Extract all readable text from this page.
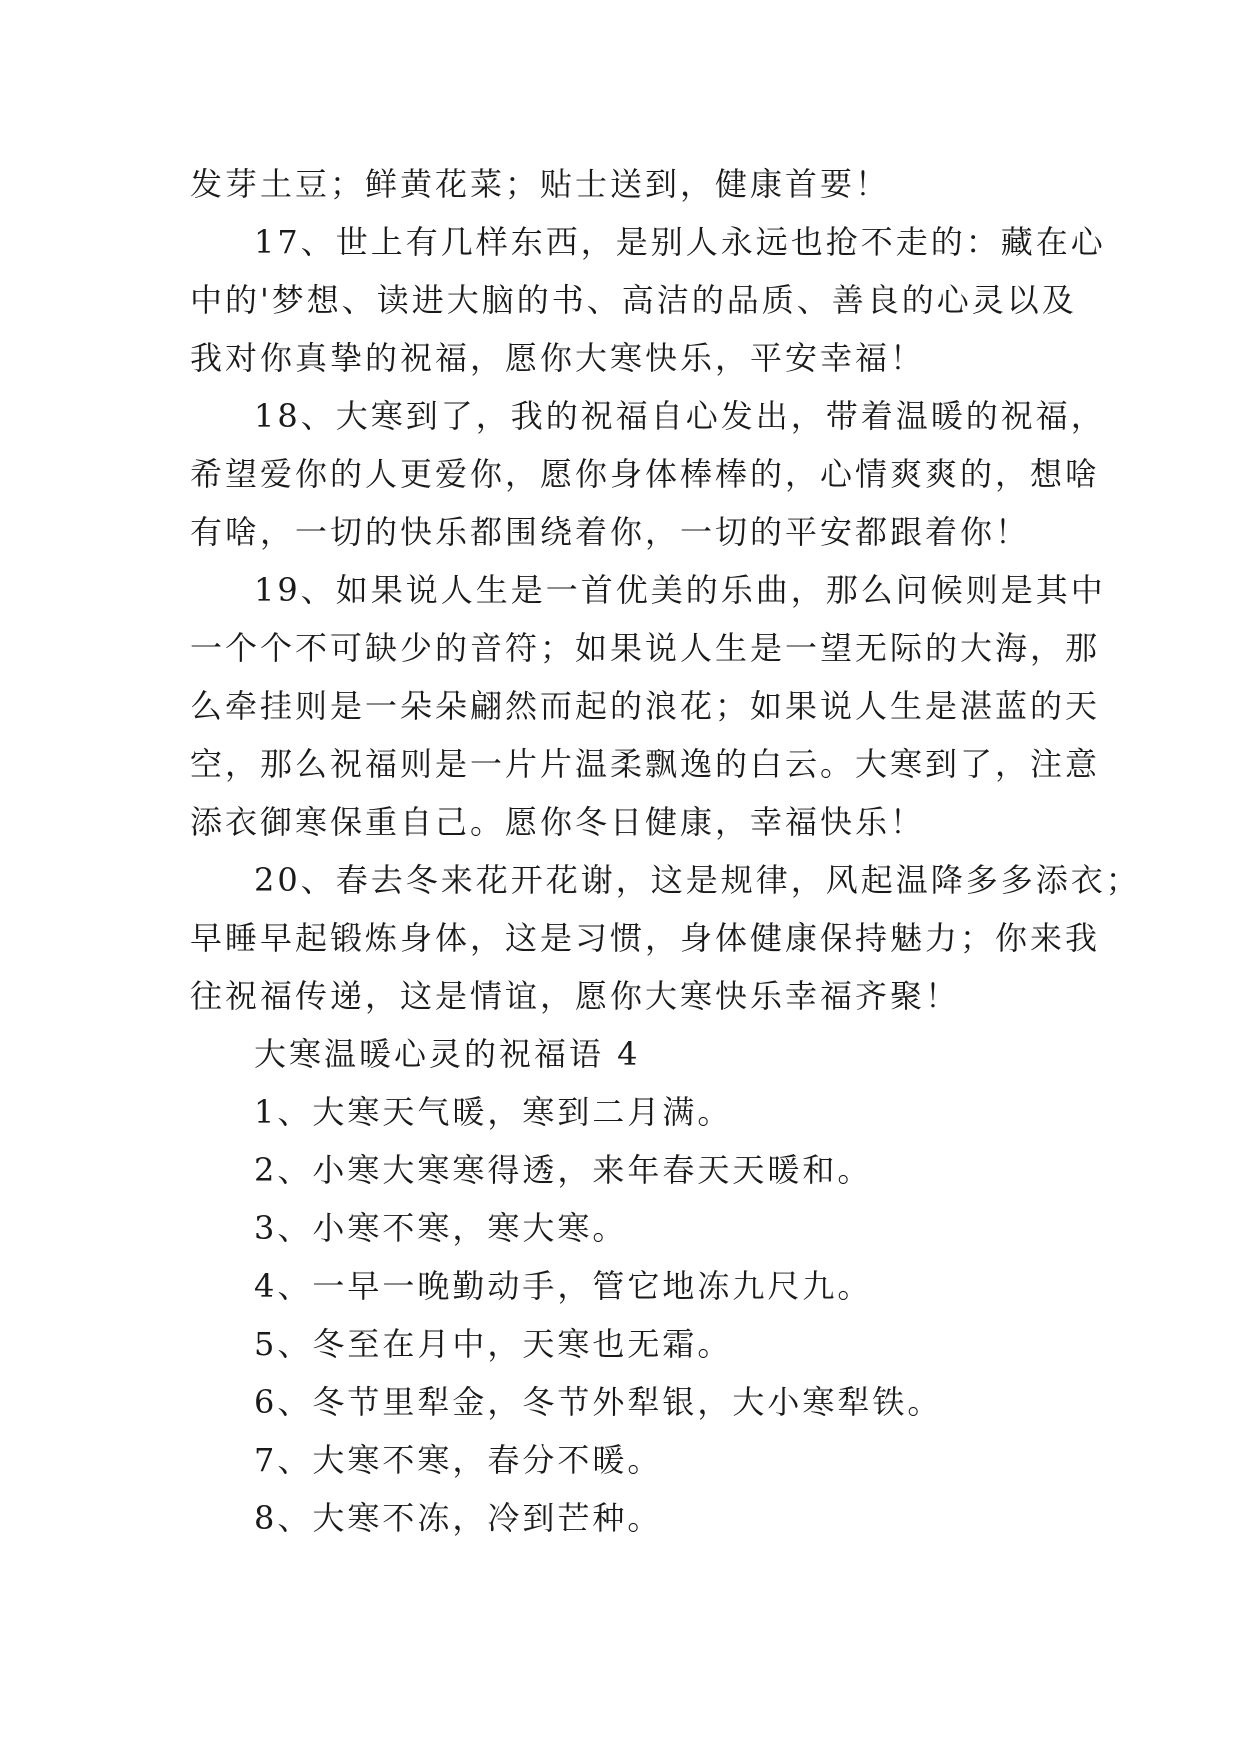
发芽土豆；鲜黄花菜；贴士送到，健康首要！
17、世上有几样东西，是别人永远也抢不走的：藏在心
中的'梦想、读进大脑的书、高洁的品质、善良的心灵以及
我对你真挚的祝福，愿你大寒快乐，平安幸福！
18、大寒到了，我的祝福自心发出，带着温暖的祝福，
希望爱你的人更爱你，愿你身体棒棒的，心情爽爽的，想啥
有啥，一切的快乐都围绕着你，一切的平安都跟着你！
19、如果说人生是一首优美的乐曲，那么问候则是其中
一个个不可缺少的音符；如果说人生是一望无际的大海，那
么牵挂则是一朵朵翩然而起的浪花；如果说人生是湛蓝的天
空，那么祝福则是一片片温柔飘逸的白云。大寒到了，注意
添衣御寒保重自己。愿你冬日健康，幸福快乐！
20、春去冬来花开花谢，这是规律，风起温降多多添衣；
早睡早起锻炼身体，这是习惯，身体健康保持魅力；你来我
往祝福传递，这是情谊，愿你大寒快乐幸福齐聚！
大寒温暖心灵的祝福语 4
1、大寒天气暖，寒到二月满。
2、小寒大寒寒得透，来年春天天暖和。
3、小寒不寒，寒大寒。
4、一早一晚勤动手，管它地冻九尺九。
5、冬至在月中，天寒也无霜。
6、冬节里犁金，冬节外犁银，大小寒犁铁。
7、大寒不寒，春分不暖。
8、大寒不冻，冷到芒种。
